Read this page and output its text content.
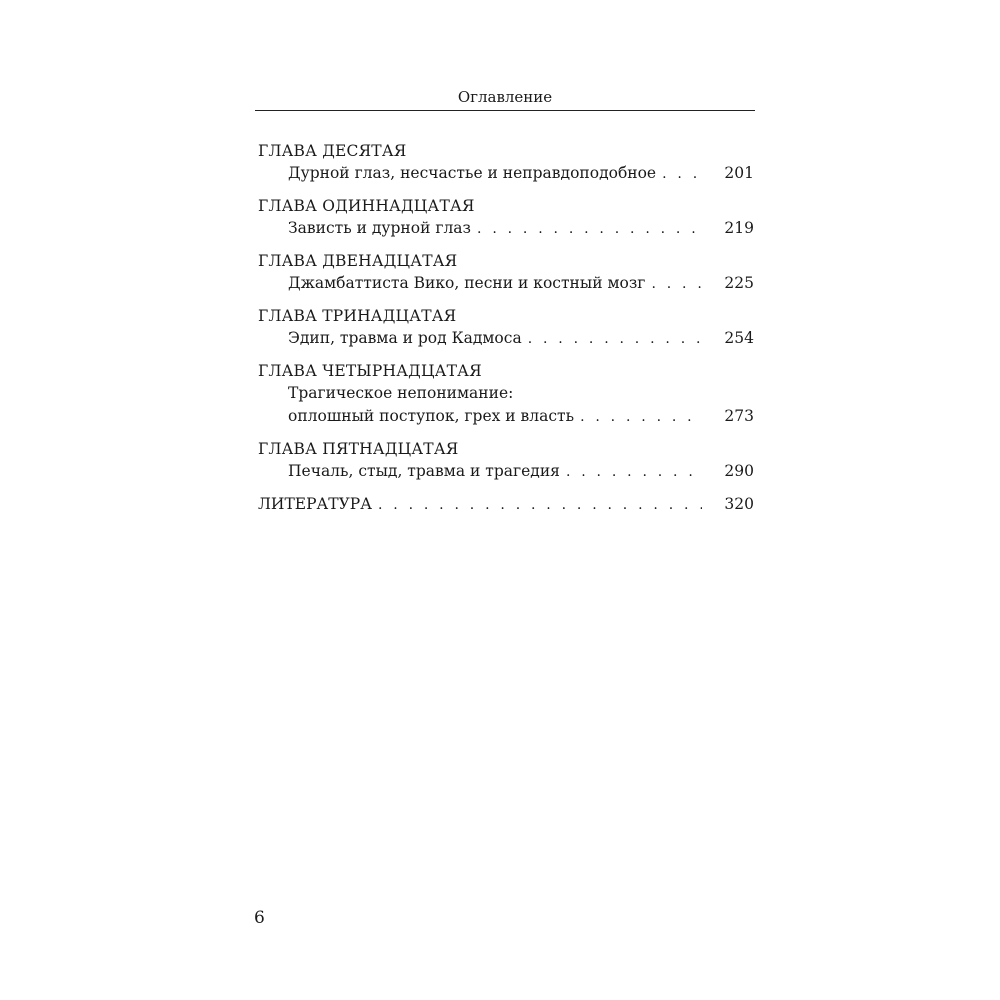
Оглавление
ГЛАВА ДЕСЯТАЯ
Дурной глаз, несчастье и неправдоподобное . . .	201
ГЛАВА ОДИННАДЦАТАЯ
Зависть и дурной глаз . . .	219
ГЛАВА ДВЕНАДЦАТАЯ
Джамбаттиста Вико, песни и костный мозг . . .	225
ГЛАВА ТРИНАДЦАТАЯ
Эдип, травма и род Кадмоса . . .	254
ГЛАВА ЧЕТЫРНАДЦАТАЯ
Трагическое непонимание:
оплошный поступок, грех и власть . . .	273
ГЛАВА ПЯТНАДЦАТАЯ
Печаль, стыд, травма и трагедия . . .	290
ЛИТЕРАТУРА . . .	320
6
